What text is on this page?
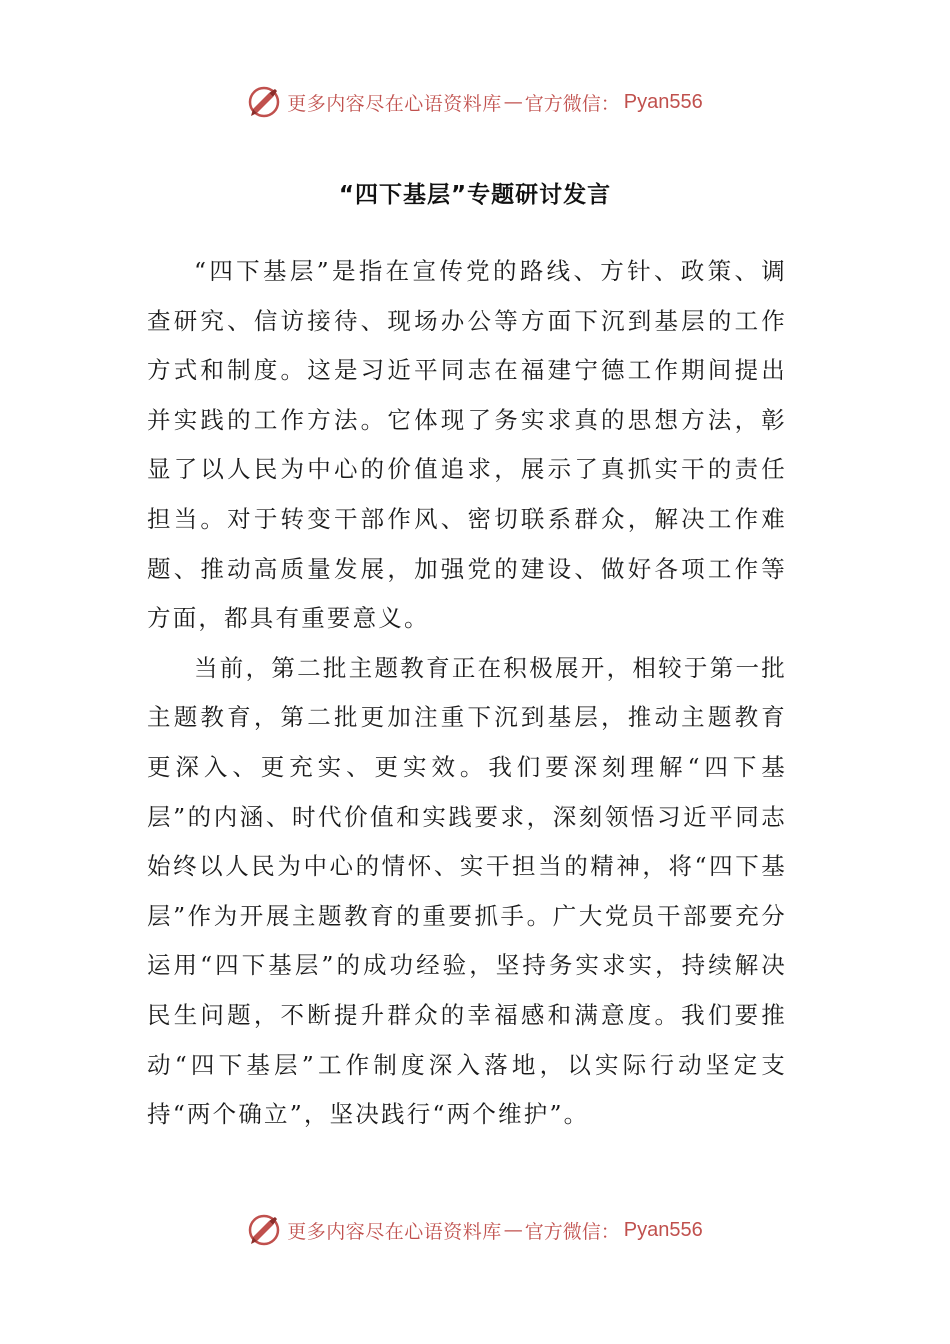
更多内容尽在心语资料库 — 官方微信： Pyan556
“四下基层”专题研讨发言

“四下基层”是指在宣传党的路线、方针、政策、调查研究、信访接待、现场办公等方面下沉到基层的工作方式和制度。这是习近平同志在福建宁德工作期间提出并实践的工作方法。它体现了务实求真的思想方法，彰显了以人民为中心的价值追求，展示了真抓实干的责任担当。对于转变干部作风、密切联系群众，解决工作难题、推动高质量发展，加强党的建设、做好各项工作等方面，都具有重要意义。

当前，第二批主题教育正在积极展开，相较于第一批主题教育，第二批更加注重下沉到基层，推动主题教育更深入、更充实、更实效。我们要深刻理解“四下基层”的内涵、时代价值和实践要求，深刻领悟习近平同志始终以人民为中心的情怀、实干担当的精神，将“四下基层”作为开展主题教育的重要抓手。广大党员干部要充分运用“四下基层”的成功经验，坚持务实求实，持续解决民生问题，不断提升群众的幸福感和满意度。我们要推动“四下基层”工作制度深入落地，以实际行动坚定支持“两个确立”，坚决践行“两个维护”。

更多内容尽在心语资料库 — 官方微信： Pyan556
